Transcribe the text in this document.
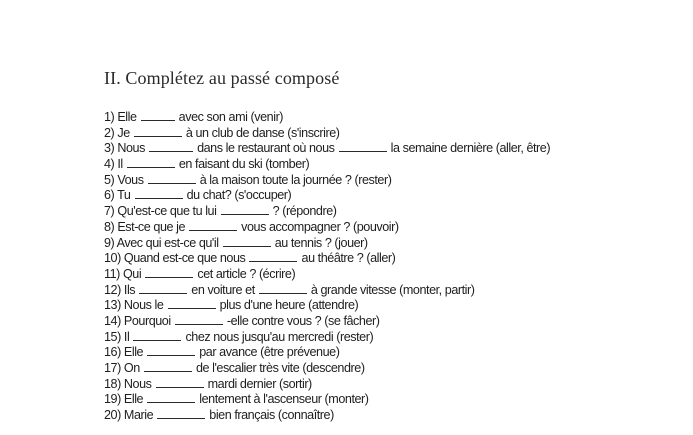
II. Complétez au passé composé
1) Elle	avec son ami (venir)
2) Je	à un club de danse (s'inscrire)
3) Nous	dans le restaurant où nous	la semaine dernière (aller, être)
4) Il	en faisant du ski (tomber)
5) Vous	à la maison toute la journée ? (rester)
6) Tu	du chat? (s'occuper)
7) Qu'est-ce que tu lui	? (répondre)
8) Est-ce que je	vous accompagner ? (pouvoir)
9) Avec qui est-ce qu'il	au tennis ? (jouer)
10) Quand est-ce que nous	au théâtre ? (aller)
11) Qui	cet article ? (écrire)
12) Ils	en voiture et	à grande vitesse (monter, partir)
13) Nous le	plus d'une heure (attendre)
14) Pourquoi	-elle contre vous ? (se fâcher)
15) Il	chez nous jusqu'au mercredi (rester)
16) Elle	par avance (être prévenue)
17) On	de l'escalier très vite (descendre)
18) Nous	mardi dernier (sortir)
19) Elle	lentement à l'ascenseur (monter)
20) Marie	bien français (connaître)
